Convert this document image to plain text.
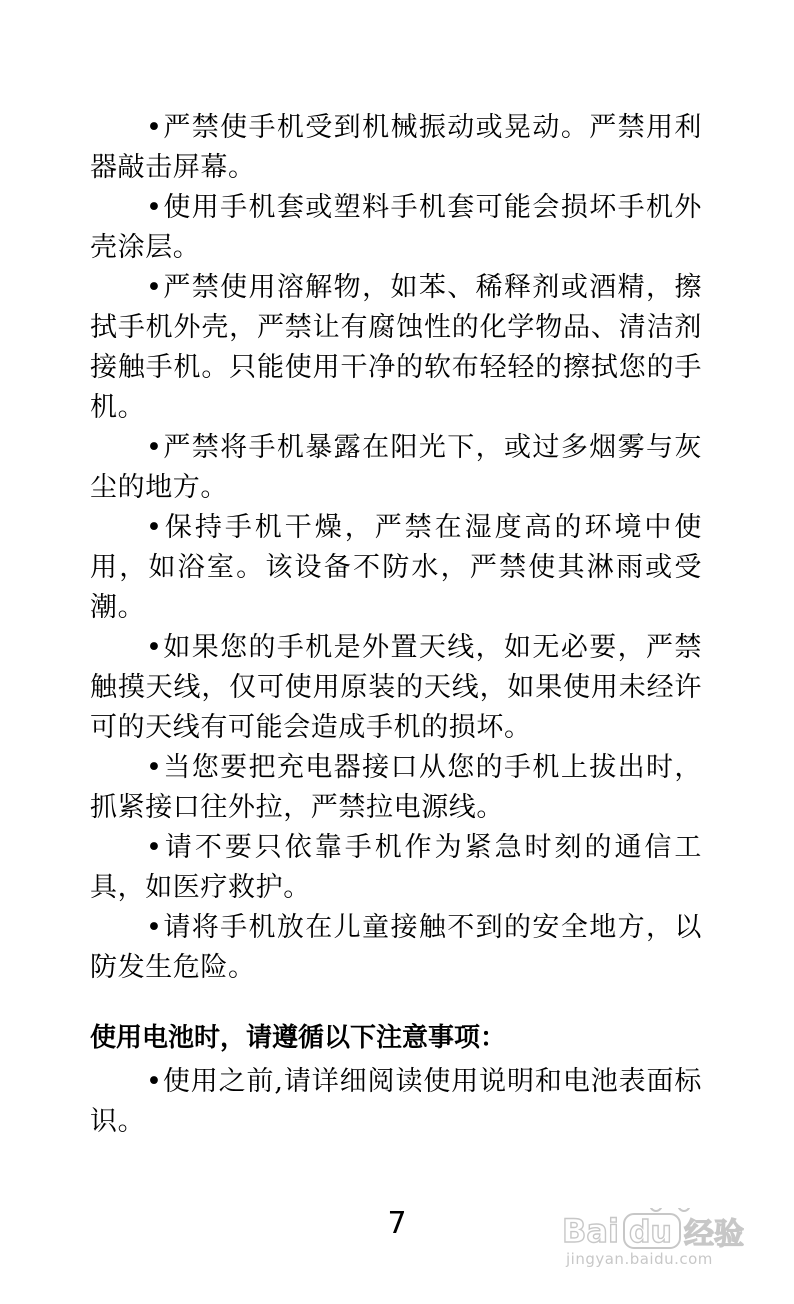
•严禁使手机受到机械振动或晃动。严禁用利器敲击屏幕。

•使用手机套或塑料手机套可能会损坏手机外壳涂层。

•严禁使用溶解物，如苯、稀释剂或酒精，擦拭手机外壳，严禁让有腐蚀性的化学物品、清洁剂接触手机。只能使用干净的软布轻轻的擦拭您的手机。

•严禁将手机暴露在阳光下，或过多烟雾与灰尘的地方。

•保持手机干燥，严禁在湿度高的环境中使用，如浴室。该设备不防水，严禁使其淋雨或受潮。

•如果您的手机是外置天线，如无必要，严禁触摸天线，仅可使用原装的天线，如果使用未经许可的天线有可能会造成手机的损坏。

•当您要把充电器接口从您的手机上拔出时，抓紧接口往外拉，严禁拉电源线。

•请不要只依靠手机作为紧急时刻的通信工具，如医疗救护。

•请将手机放在儿童接触不到的安全地方，以防发生危险。

使用电池时，请遵循以下注意事项：

•使用之前,请详细阅读使用说明和电池表面标识。

7	Bai du 经验
jingyan.baidu.com
